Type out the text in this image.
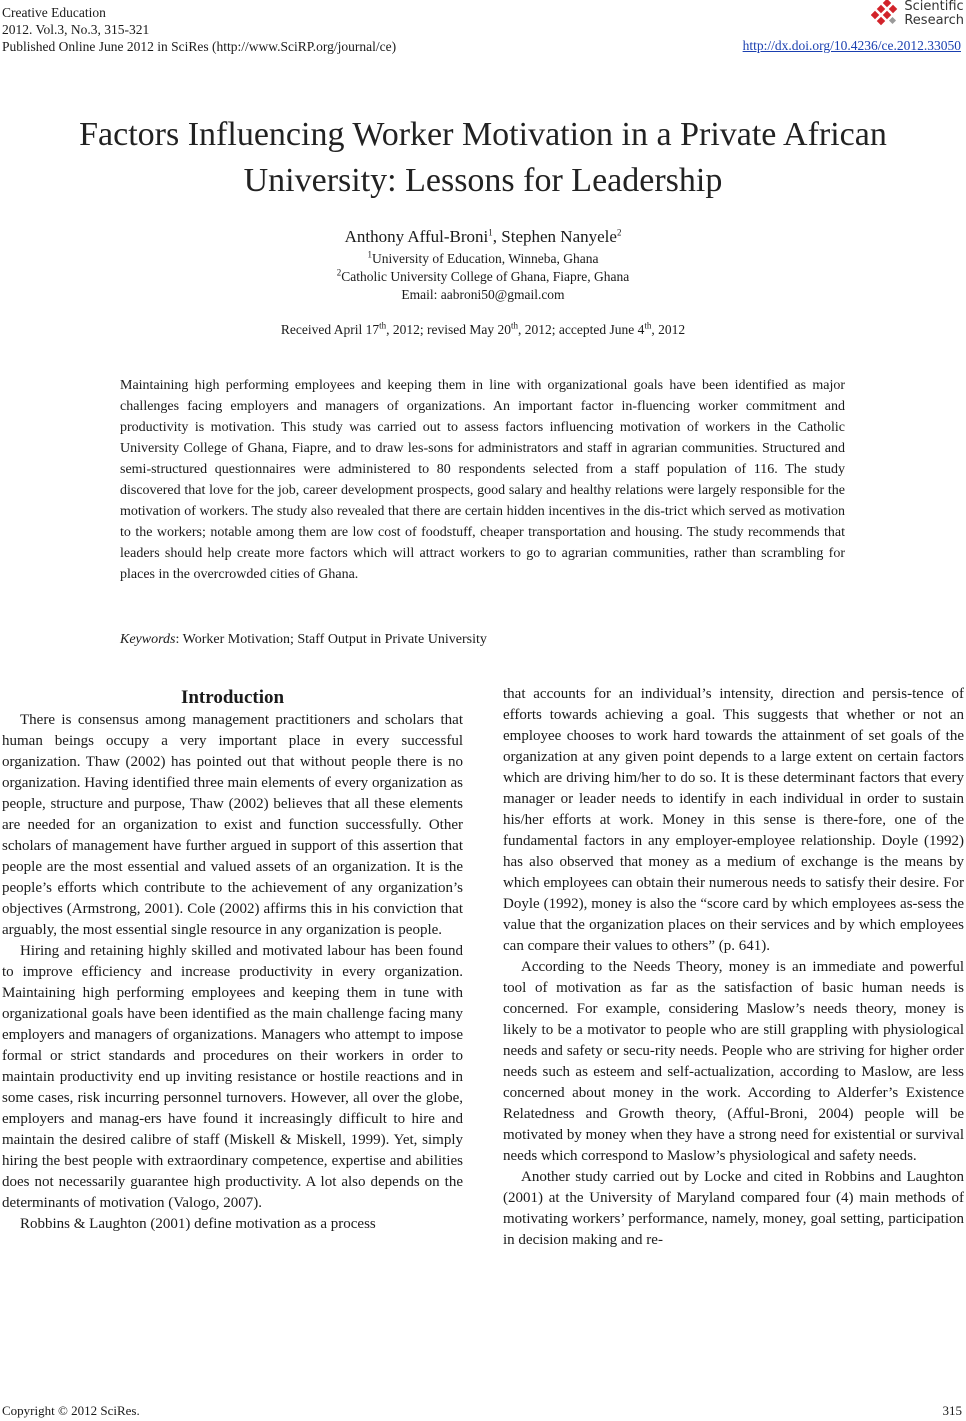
Creative Education
2012. Vol.3, No.3, 315-321
Published Online June 2012 in SciRes (http://www.SciRP.org/journal/ce)
Scientific
Research
http://dx.doi.org/10.4236/ce.2012.33050
Factors Influencing Worker Motivation in a Private African
University: Lessons for Leadership
Anthony Afful-Broni$^1$, Stephen Nanyele$^2$
$^1$University of Education, Winneba, Ghana
$^2$Catholic University College of Ghana, Fiapre, Ghana
Email: aabroni50@gmail.com
Received April 17th, 2012; revised May 20th, 2012; accepted June 4th, 2012
Maintaining high performing employees and keeping them in line with organizational goals have been identified as major challenges facing employers and managers of organizations. An important factor in-fluencing worker commitment and productivity is motivation. This study was carried out to assess factors influencing motivation of workers in the Catholic University College of Ghana, Fiapre, and to draw les-sons for administrators and staff in agrarian communities. Structured and semi-structured questionnaires were administered to 80 respondents selected from a staff population of 116. The study discovered that love for the job, career development prospects, good salary and healthy relations were largely responsible for the motivation of workers. The study also revealed that there are certain hidden incentives in the dis-trict which served as motivation to the workers; notable among them are low cost of foodstuff, cheaper transportation and housing. The study recommends that leaders should help create more factors which will attract workers to go to agrarian communities, rather than scrambling for places in the overcrowded cities of Ghana.
Keywords: Worker Motivation; Staff Output in Private University

Introduction

There is consensus among management practitioners and scholars that human beings occupy a very important place in every successful organization. Thaw (2002) has pointed out that without people there is no organization. Having identified three main elements of every organization as people, structure and purpose, Thaw (2002) believes that all these elements are needed for an organization to exist and function successfully. Other scholars of management have further argued in support of this assertion that people are the most essential and valued assets of an organization. It is the people’s efforts which contribute to the achievement of any organization’s objectives (Armstrong, 2001). Cole (2002) affirms this in his conviction that arguably, the most essential single resource in any organization is people.

Hiring and retaining highly skilled and motivated labour has been found to improve efficiency and increase productivity in every organization. Maintaining high performing employees and keeping them in tune with organizational goals have been identified as the main challenge facing many employers and managers of organizations. Managers who attempt to impose formal or strict standards and procedures on their workers in order to maintain productivity end up inviting resistance or hostile reactions and in some cases, risk incurring personnel turnovers. However, all over the globe, employers and manag-ers have found it increasingly difficult to hire and maintain the desired calibre of staff (Miskell & Miskell, 1999). Yet, simply hiring the best people with extraordinary competence, expertise and abilities does not necessarily guarantee high productivity. A lot also depends on the determinants of motivation (Valogo, 2007).

Robbins & Laughton (2001) define motivation as a process

that accounts for an individual’s intensity, direction and persis-tence of efforts towards achieving a goal. This suggests that whether or not an employee chooses to work hard towards the attainment of set goals of the organization at any given point depends to a large extent on certain factors which are driving him/her to do so. It is these determinant factors that every manager or leader needs to identify in each individual in order to sustain his/her efforts at work. Money in this sense is there-fore, one of the fundamental factors in any employer-employee relationship. Doyle (1992) has also observed that money as a medium of exchange is the means by which employees can obtain their numerous needs to satisfy their desire. For Doyle (1992), money is also the “score card by which employees as-sess the value that the organization places on their services and by which employees can compare their values to others” (p. 641).

According to the Needs Theory, money is an immediate and powerful tool of motivation as far as the satisfaction of basic human needs is concerned. For example, considering Maslow’s needs theory, money is likely to be a motivator to people who are still grappling with physiological needs and safety or secu-rity needs. People who are striving for higher order needs such as esteem and self-actualization, according to Maslow, are less concerned about money in the work. According to Alderfer’s Existence Relatedness and Growth theory, (Afful-Broni, 2004) people will be motivated by money when they have a strong need for existential or survival needs which correspond to Maslow’s physiological and safety needs.

Another study carried out by Locke and cited in Robbins and Laughton (2001) at the University of Maryland compared four (4) main methods of motivating workers’ performance, namely, money, goal setting, participation in decision making and re-

Copyright © 2012 SciRes.	315
